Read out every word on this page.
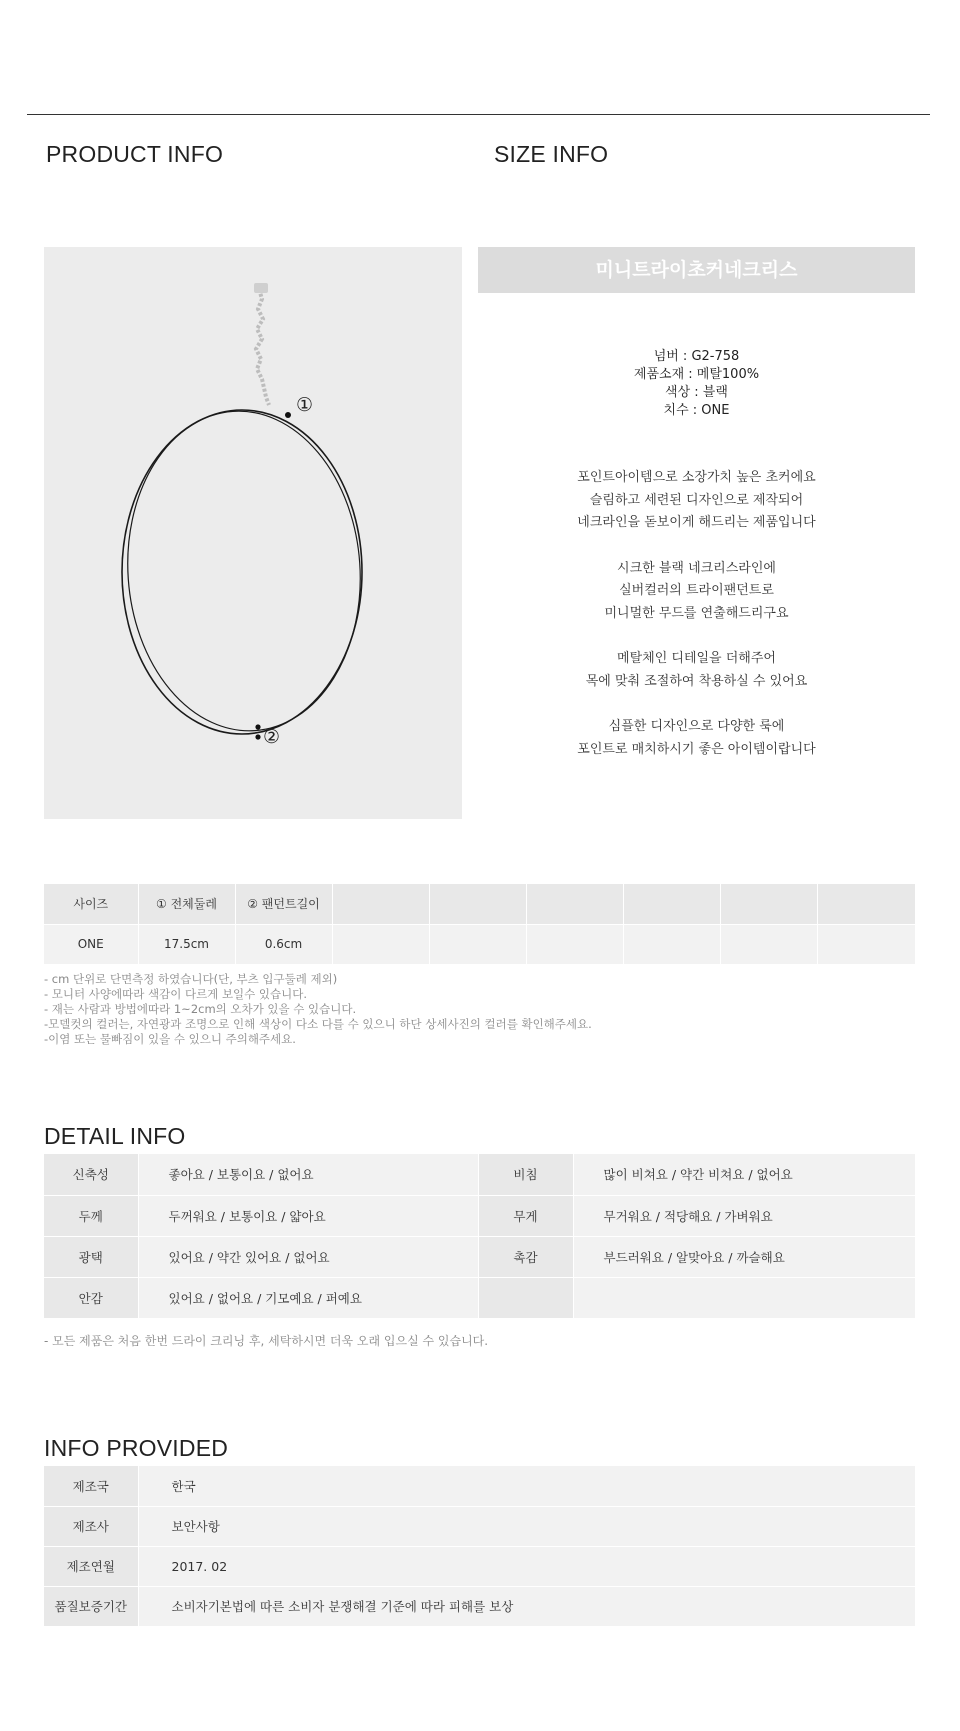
PRODUCT INFO	SIZE INFO
①
②
미니트라이초커네크리스
넘버 : G2-758
제품소재 : 메탈100%
색상 : 블랙
치수 : ONE

포인트아이템으로 소장가치 높은 초커에요
슬림하고 세련된 디자인으로 제작되어
네크라인을 돋보이게 해드리는 제품입니다

시크한 블랙 네크리스라인에
실버컬러의 트라이팬던트로
미니멀한 무드를 연출해드리구요

메탈체인 디테일을 더해주어
목에 맞춰 조절하여 착용하실 수 있어요

심플한 디자인으로 다양한 룩에
포인트로 매치하시기 좋은 아이템이랍니다

사이즈	① 전체둘레	② 팬던트길이						
ONE	17.5cm	0.6cm						
- cm 단위로 단면측정 하였습니다(단, 부츠 입구둘레 제외)
- 모니터 사양에따라 색감이 다르게 보일수 있습니다.
- 재는 사람과 방법에따라 1~2cm의 오차가 있을 수 있습니다.
-모델컷의 컬러는, 자연광과 조명으로 인해 색상이 다소 다를 수 있으니 하단 상세사진의 컬러를 확인해주세요.
-이염 또는 물빠짐이 있을 수 있으니 주의해주세요.
DETAIL INFO
신축성	좋아요 / 보통이요 / 없어요	비침	많이 비쳐요 / 약간 비쳐요 / 없어요
두께	두꺼워요 / 보통이요 / 얇아요	무게	무거워요 / 적당해요 / 가벼워요
광택	있어요 / 약간 있어요 / 없어요	촉감	부드러워요 / 알맞아요 / 까슬해요
안감	있어요 / 없어요 / 기모예요 / 퍼예요		
- 모든 제품은 처음 한번 드라이 크리닝 후, 세탁하시면 더욱 오래 입으실 수 있습니다.
INFO PROVIDED
제조국	한국
제조사	보안사항
제조연월	2017. 02
품질보증기간	소비자기본법에 따른 소비자 분쟁해결 기준에 따라 피해를 보상
